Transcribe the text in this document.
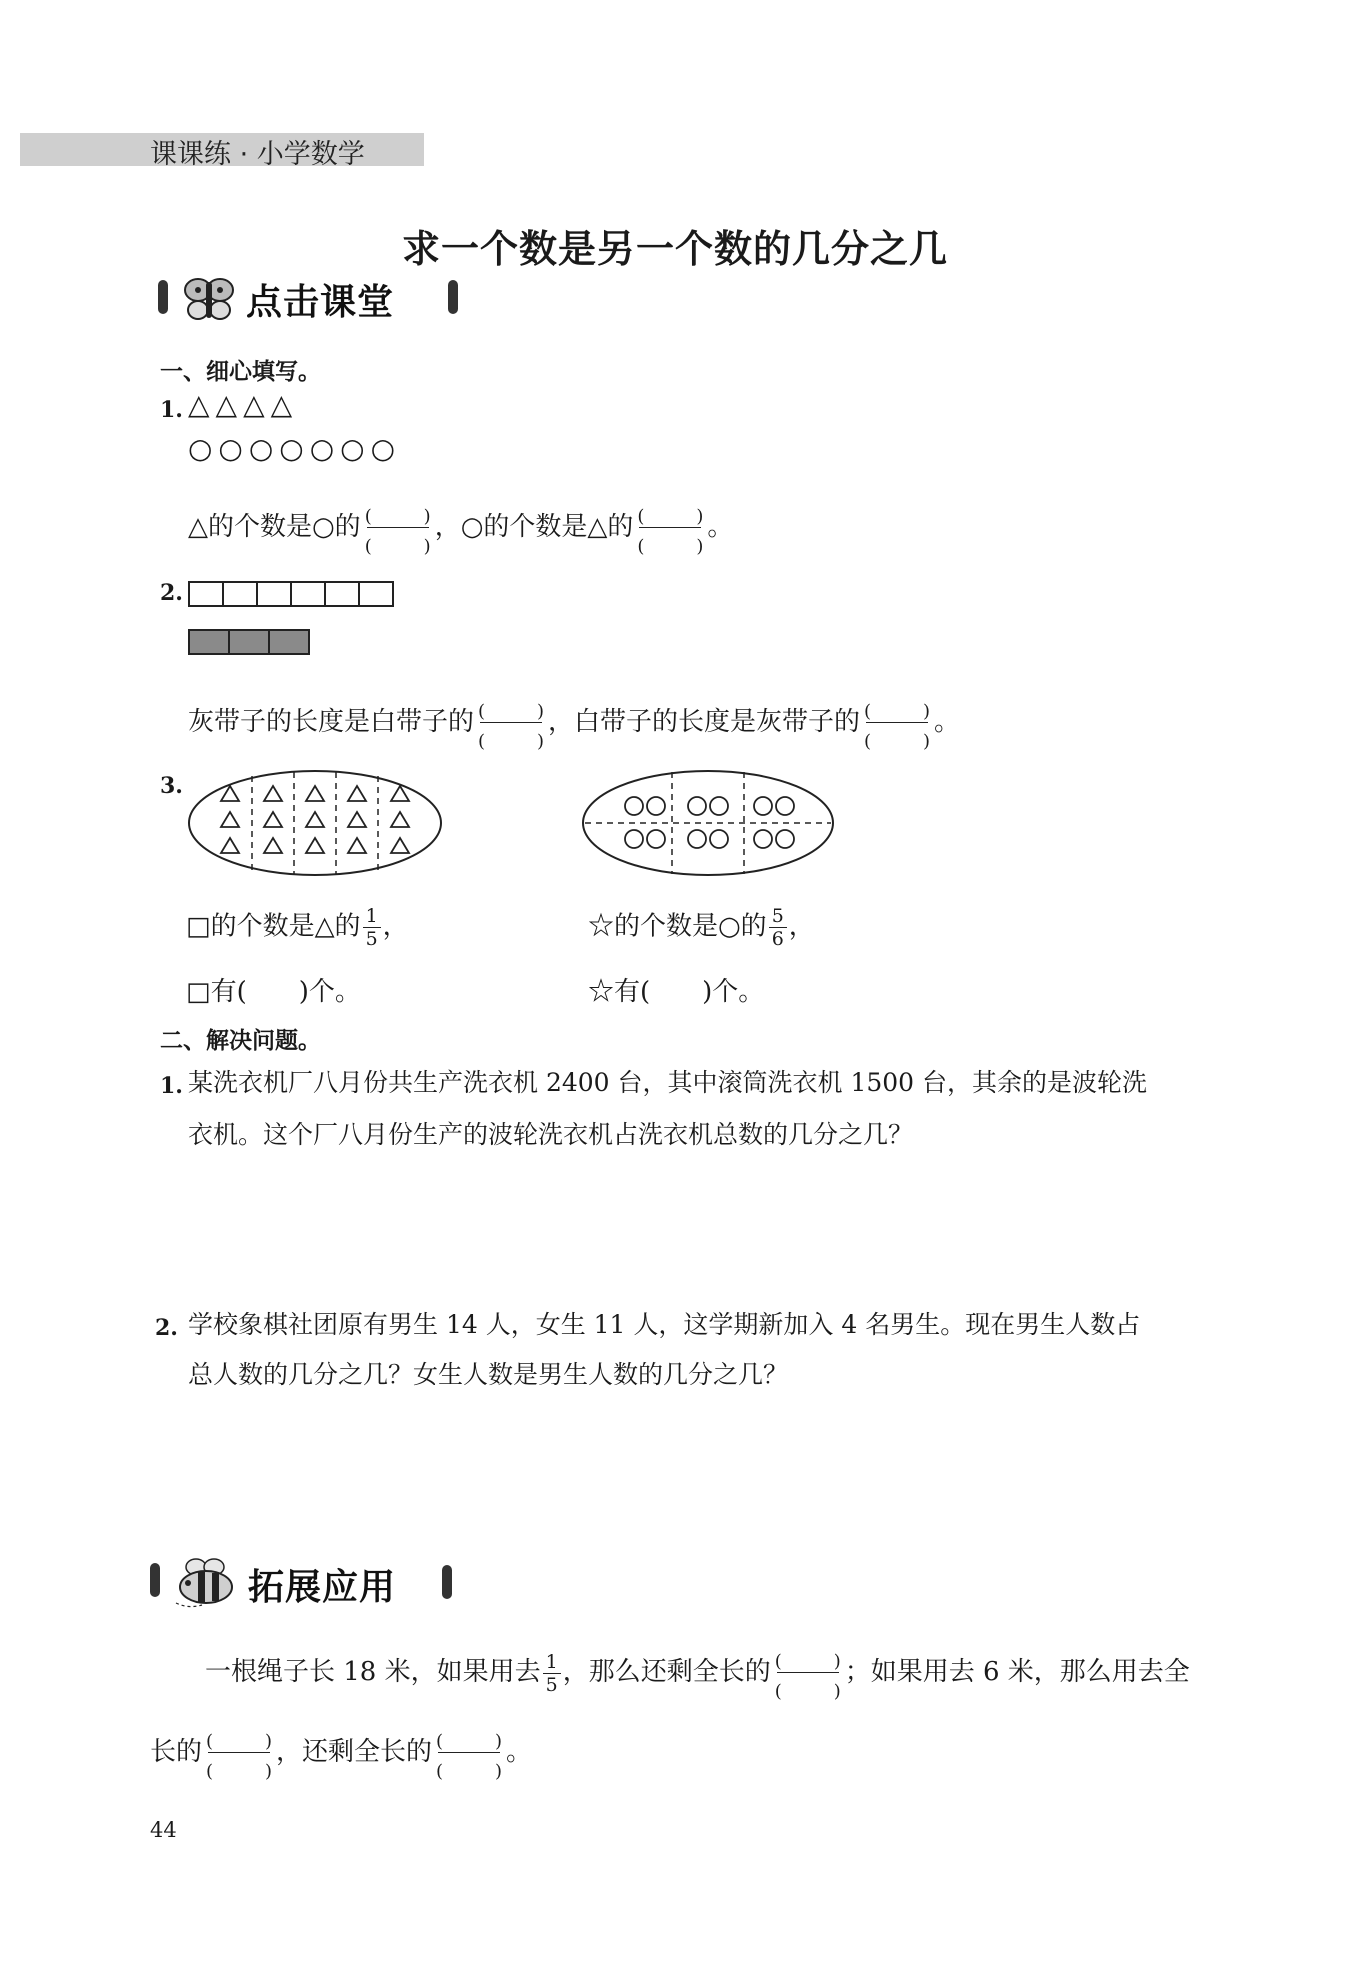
课课练 · 小学数学
求一个数是另一个数的几分之几
点击课堂
一、细心填写。
1. △△△△
○○○○○○○
△的个数是○的 (	)
(	)
，○的个数是△的 (	)
(	)
。
2.
灰带子的长度是白带子的 (	)
(	)
，白带子的长度是灰带子的 (	)
(	)
。
3.
□的个数是△的 $\frac{1}{5}$ ，
□有(　　)个。
☆的个数是○的 $\frac{5}{6}$ ，
☆有(　　)个。
二、解决问题。
1. 某洗衣机厂八月份共生产洗衣机 2400 台，其中滚筒洗衣机 1500 台，其余的是波轮洗
衣机。这个厂八月份生产的波轮洗衣机占洗衣机总数的几分之几？
2. 学校象棋社团原有男生 14 人，女生 11 人，这学期新加入 4 名男生。现在男生人数占
总人数的几分之几？女生人数是男生人数的几分之几？
拓展应用
一根绳子长 18 米，如果用去 $\frac{1}{5}$ ，那么还剩全长的 (	)
(	)
；如果用去 6 米，那么用去全
长的 (	)
(	)
，还剩全长的 (	)
(	)
。
44
